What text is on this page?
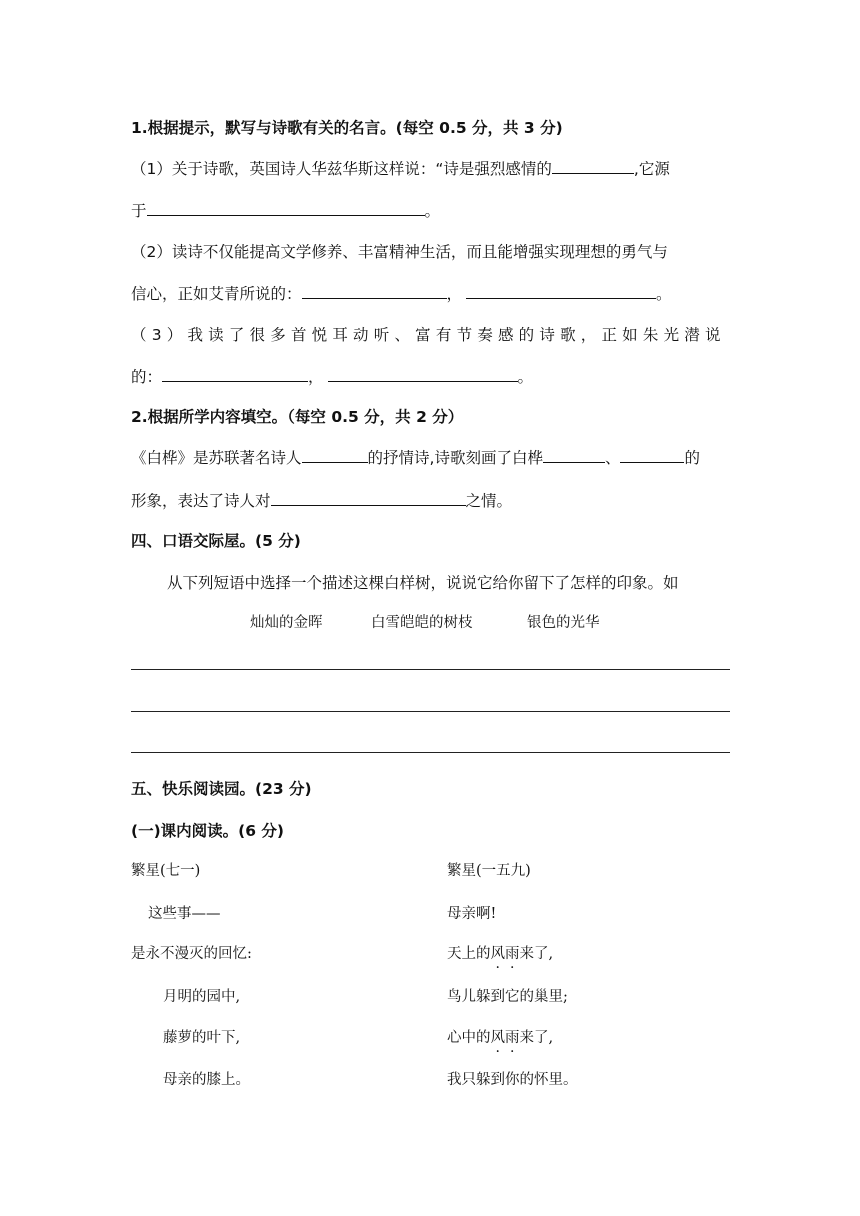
1.根据提示，默写与诗歌有关的名言。(每空 0.5 分，共 3 分)
（1）关于诗歌，英国诗人华兹华斯这样说：“诗是强烈感情的	,它源
于	。
（2）读诗不仅能提高文学修养、丰富精神生活，而且能增强实现理想的勇气与
信心，正如艾青所说的：	，	。
（3）我读了很多首悦耳动听、富有节奏感的诗歌，正如朱光潜说
的：	，	。
2.根据所学内容填空。（每空 0.5 分，共 2 分）
《白桦》是苏联著名诗人	的抒情诗,诗歌刻画了白桦	、	的
形象，表达了诗人对	之情。
四、口语交际屋。(5 分)
从下列短语中选择一个描述这棵白样树，说说它给你留下了怎样的印象。如
灿灿的金晖	白雪皑皑的树枝	银色的光华
五、快乐阅读园。(23 分)
(一)课内阅读。(6 分)
繁星(七一)
这些事——
是永不漫灭的回忆:
月明的园中,
藤萝的叶下,
母亲的膝上。
繁星(一五九)
母亲啊!
天上的风雨来了,
鸟儿躲到它的巢里;
心中的风雨来了,
我只躲到你的怀里。
